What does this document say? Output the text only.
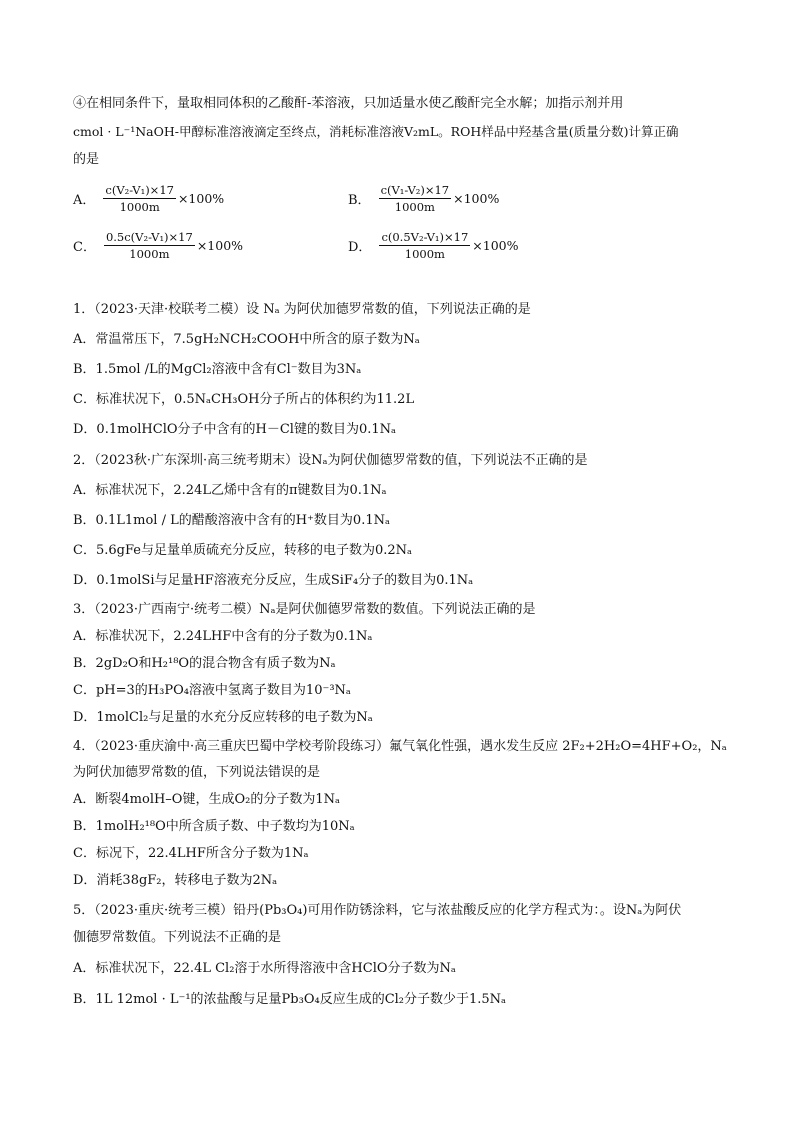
④在相同条件下，量取相同体积的乙酸酐-苯溶液，只加适量水使乙酸酐完全水解；加指示剂并用
cmol · L⁻¹NaOH-甲醇标准溶液滴定至终点，消耗标准溶液V₂mL。ROH样品中羟基含量(质量分数)计算正确
的是
A． $\frac{\text{c(V₂-V₁)×17}}{1000m} \times 100\%$	B． $\frac{\text{c(V₁-V₂)×17}}{1000m} \times 100\%$
C． $\frac{\text{0.5c(V₂-V₁)×17}}{1000m} \times 100\%$	D． $\frac{\text{c(0.5V₂-V₁)×17}}{1000m} \times 100\%$
1．（2023·天津·校联考二模）设 Nₐ 为阿伏加德罗常数的值，下列说法正确的是
A．常温常压下，7.5gH₂NCH₂COOH中所含的原子数为Nₐ
B．1.5mol /L的MgCl₂溶液中含有Cl⁻数目为3Nₐ
C．标准状况下，0.5NₐCH₃OH分子所占的体积约为11.2L
D．0.1molHClO分子中含有的H－Cl键的数目为0.1Nₐ
2．（2023秋·广东深圳·高三统考期末）设Nₐ为阿伏伽德罗常数的值，下列说法不正确的是
A．标准状况下，2.24L乙烯中含有的π键数目为0.1Nₐ
B．0.1L1mol / L的醋酸溶液中含有的H⁺数目为0.1Nₐ
C．5.6gFe与足量单质硫充分反应，转移的电子数为0.2Nₐ
D．0.1molSi与足量HF溶液充分反应，生成SiF₄分子的数目为0.1Nₐ
3．（2023·广西南宁·统考二模）Nₐ是阿伏伽德罗常数的数值。下列说法正确的是
A．标准状况下，2.24LHF中含有的分子数为0.1Nₐ
B．2gD₂O和H₂¹⁸O的混合物含有质子数为Nₐ
C．pH=3的H₃PO₄溶液中氢离子数目为10⁻³Nₐ
D．1molCl₂与足量的水充分反应转移的电子数为Nₐ
4．（2023·重庆渝中·高三重庆巴蜀中学校考阶段练习）氟气氧化性强，遇水发生反应 2F₂+2H₂O=4HF+O₂，Nₐ
为阿伏加德罗常数的值，下列说法错误的是
A．断裂4molH–O键，生成O₂的分子数为1Nₐ
B．1molH₂¹⁸O中所含质子数、中子数均为10Nₐ
C．标况下，22.4LHF所含分子数为1Nₐ
D．消耗38gF₂，转移电子数为2Nₐ
5．（2023·重庆·统考三模）铅丹(Pb₃O₄)可用作防锈涂料，它与浓盐酸反应的化学方程式为：。设Nₐ为阿伏
伽德罗常数值。下列说法不正确的是
A．标准状况下，22.4L Cl₂溶于水所得溶液中含HClO分子数为Nₐ
B．1L 12mol · L⁻¹的浓盐酸与足量Pb₃O₄反应生成的Cl₂分子数少于1.5Nₐ
